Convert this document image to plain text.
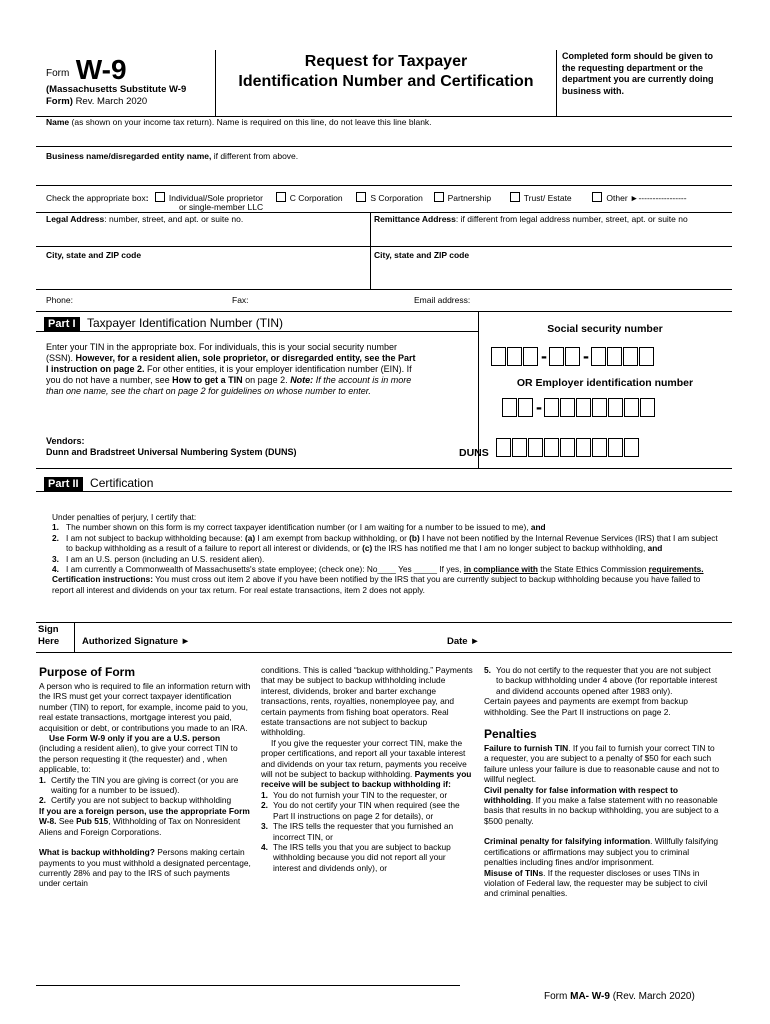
Form W-9
(Massachusetts Substitute W-9 Form) Rev. March 2020
Request for Taxpayer
Identification Number and Certification
Completed form should be given to the requesting department or the department you are currently doing business with.
Name (as shown on your income tax return). Name is required on this line, do not leave this line blank.
Business name/disregarded entity name, if different from above.
Check the appropriate box: Individual/Sole proprietor	C Corporation	S Corporation	Partnership	Trust/ Estate	Other ►-----------------
or single-member LLC
Legal Address: number, street, and apt. or suite no.	Remittance Address: if different from legal address number, street, apt. or suite no
City, state and ZIP code	City, state and ZIP code
Phone:	Fax:	Email address:
Part I Taxpayer Identification Number (TIN)
Enter your TIN in the appropriate box. For individuals, this is your social security number (SSN). However, for a resident alien, sole proprietor, or disregarded entity, see the Part I instruction on page 2. For other entities, it is your employer identification number (EIN). If you do not have a number, see How to get a TIN on page 2. Note: If the account is in more than one name, see the chart on page 2 for guidelines on whose number to enter.
Vendors:
Dunn and Bradstreet Universal Numbering System (DUNS)
Social security number
- -
OR Employer identification number
-
DUNS
Part II Certification
Under penalties of perjury, I certify that:
1. The number shown on this form is my correct taxpayer identification number (or I am waiting for a number to be issued to me), and
2. I am not subject to backup withholding because: (a) I am exempt from backup withholding, or (b) I have not been notified by the Internal Revenue Services (IRS) that I am subject to backup withholding as a result of a failure to report all interest or dividends, or (c) the IRS has notified me that I am no longer subject to backup withholding, and
3. I am an U.S. person (including an U.S. resident alien).
4. I am currently a Commonwealth of Massachusetts's state employee; (check one): No____ Yes _____ If yes, in compliance with the State Ethics Commission requirements.
Certification instructions: You must cross out item 2 above if you have been notified by the IRS that you are currently subject to backup withholding because you have failed to report all interest and dividends on your tax return. For real estate transactions, item 2 does not apply.
Sign
Here Authorized Signature ►	Date ►
Purpose of Form

A person who is required to file an information return with the IRS must get your correct taxpayer identification number (TIN) to report, for example, income paid to you, real estate transactions, mortgage interest you paid, acquisition or debt, or contributions you made to an IRA.

Use Form W-9 only if you are a U.S. person (including a resident alien), to give your correct TIN to the person requesting it (the requester) and , when applicable, to:

1. Certify the TIN you are giving is correct (or you are waiting for a number to be issued).
2. Certify you are not subject to backup withholding

If you are a foreign person, use the appropriate Form W-8. See Pub 515, Withholding of Tax on Nonresident Aliens and Foreign Corporations.

What is backup withholding? Persons making certain payments to you must withhold a designated percentage, currently 28% and pay to the IRS of such payments under certain

conditions. This is called “backup withholding.” Payments that may be subject to backup withholding include interest, dividends, broker and barter exchange transactions, rents, royalties, nonemployee pay, and certain payments from fishing boat operators. Real estate transactions are not subject to backup withholding.

If you give the requester your correct TIN, make the proper certifications, and report all your taxable interest and dividends on your tax return, payments you receive will not be subject to backup withholding. Payments you receive will be subject to backup withholding if:

1. You do not furnish your TIN to the requester, or
2. You do not certify your TIN when required (see the Part II instructions on page 2 for details), or
3. The IRS tells the requester that you furnished an incorrect TIN, or
4. The IRS tells you that you are subject to backup withholding because you did not report all your interest and dividends only), or
5. You do not certify to the requester that you are not subject to backup withholding under 4 above (for reportable interest and dividend accounts opened after 1983 only).

Certain payees and payments are exempt from backup withholding. See the Part II instructions on page 2.

Penalties

Failure to furnish TIN. If you fail to furnish your correct TIN to a requester, you are subject to a penalty of $50 for each such failure unless your failure is due to reasonable cause and not to willful neglect.

Civil penalty for false information with respect to withholding. If you make a false statement with no reasonable basis that results in no backup withholding, you are subject to a $500 penalty.

Criminal penalty for falsifying information. Willfully falsifying certifications or affirmations may subject you to criminal penalties including fines and/or imprisonment.

Misuse of TINs. If the requester discloses or uses TINs in violation of Federal law, the requester may be subject to civil and criminal penalties.

Form MA- W-9 (Rev. March 2020)
